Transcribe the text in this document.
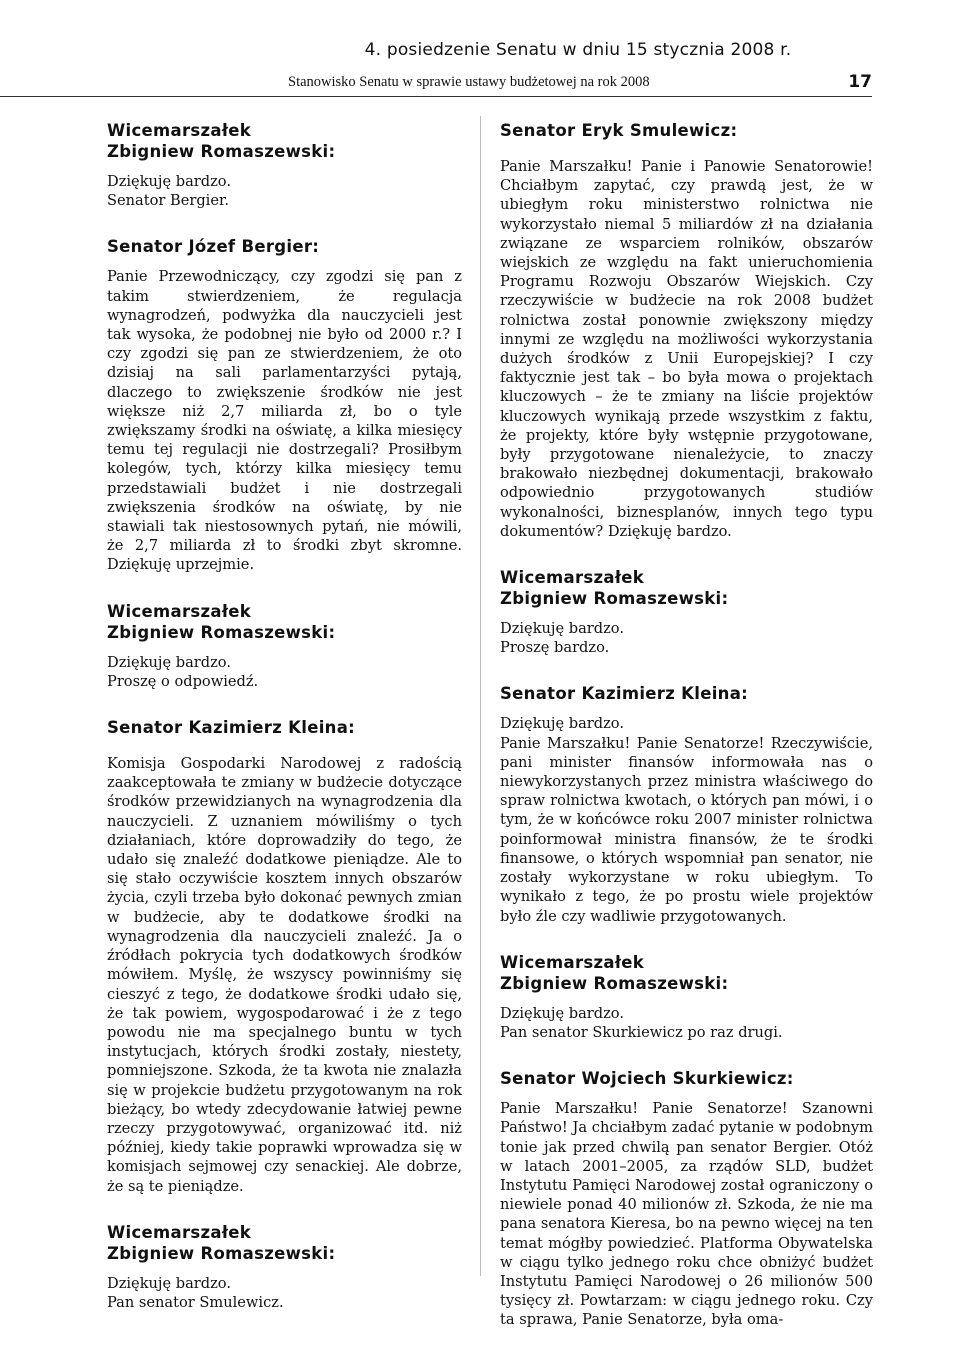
4. posiedzenie Senatu w dniu 15 stycznia 2008 r.
Stanowisko Senatu w sprawie ustawy budżetowej na rok 2008	17
Wicemarszałek
Zbigniew Romaszewski:

Dziękuję bardzo.

Senator Bergier.

Senator Józef Bergier:

Panie Przewodniczący, czy zgodzi się pan z takim stwierdzeniem, że regulacja wynagrodzeń, podwyżka dla nauczycieli jest tak wysoka, że podobnej nie było od 2000 r.? I czy zgodzi się pan ze stwierdzeniem, że oto dzisiaj na sali parlamentarzyści pytają, dlaczego to zwiększenie środków nie jest większe niż 2,7 miliarda zł, bo o tyle zwiększamy środki na oświatę, a kilka miesięcy temu tej regulacji nie dostrzegali? Prosiłbym kolegów, tych, którzy kilka miesięcy temu przedstawiali budżet i nie dostrzegali zwiększenia środków na oświatę, by nie stawiali tak niestosownych pytań, nie mówili, że 2,7 miliarda zł to środki zbyt skromne. Dziękuję uprzejmie.

Wicemarszałek
Zbigniew Romaszewski:

Dziękuję bardzo.

Proszę o odpowiedź.

Senator Kazimierz Kleina:

Komisja Gospodarki Narodowej z radością zaakceptowała te zmiany w budżecie dotyczące środków przewidzianych na wynagrodzenia dla nauczycieli. Z uznaniem mówiliśmy o tych działaniach, które doprowadziły do tego, że udało się znaleźć dodatkowe pieniądze. Ale to się stało oczywiście kosztem innych obszarów życia, czyli trzeba było dokonać pewnych zmian w budżecie, aby te dodatkowe środki na wynagrodzenia dla nauczycieli znaleźć. Ja o źródłach pokrycia tych dodatkowych środków mówiłem. Myślę, że wszyscy powinniśmy się cieszyć z tego, że dodatkowe środki udało się, że tak powiem, wygospodarować i że z tego powodu nie ma specjalnego buntu w tych instytucjach, których środki zostały, niestety, pomniejszone. Szkoda, że ta kwota nie znalazła się w projekcie budżetu przygotowanym na rok bieżący, bo wtedy zdecydowanie łatwiej pewne rzeczy przygotowywać, organizować itd. niż później, kiedy takie poprawki wprowadza się w komisjach sejmowej czy senackiej. Ale dobrze, że są te pieniądze.

Wicemarszałek
Zbigniew Romaszewski:

Dziękuję bardzo.

Pan senator Smulewicz.

Senator Eryk Smulewicz:

Panie Marszałku! Panie i Panowie Senatorowie! Chciałbym zapytać, czy prawdą jest, że w ubiegłym roku ministerstwo rolnictwa nie wykorzystało niemal 5 miliardów zł na działania związane ze wsparciem rolników, obszarów wiejskich ze względu na fakt unieruchomienia Programu Rozwoju Obszarów Wiejskich. Czy rzeczywiście w budżecie na rok 2008 budżet rolnictwa został ponownie zwiększony między innymi ze względu na możliwości wykorzystania dużych środków z Unii Europejskiej? I czy faktycznie jest tak – bo była mowa o projektach kluczowych – że te zmiany na liście projektów kluczowych wynikają przede wszystkim z faktu, że projekty, które były wstępnie przygotowane, były przygotowane nienależycie, to znaczy brakowało niezbędnej dokumentacji, brakowało odpowiednio przygotowanych studiów wykonalności, biznesplanów, innych tego typu dokumentów? Dziękuję bardzo.

Wicemarszałek
Zbigniew Romaszewski:

Dziękuję bardzo.

Proszę bardzo.

Senator Kazimierz Kleina:

Dziękuję bardzo.

Panie Marszałku! Panie Senatorze! Rzeczywiście, pani minister finansów informowała nas o niewykorzystanych przez ministra właściwego do spraw rolnictwa kwotach, o których pan mówi, i o tym, że w końcówce roku 2007 minister rolnictwa poinformował ministra finansów, że te środki finansowe, o których wspomniał pan senator, nie zostały wykorzystane w roku ubiegłym. To wynikało z tego, że po prostu wiele projektów było źle czy wadliwie przygotowanych.

Wicemarszałek
Zbigniew Romaszewski:

Dziękuję bardzo.

Pan senator Skurkiewicz po raz drugi.

Senator Wojciech Skurkiewicz:

Panie Marszałku! Panie Senatorze! Szanowni Państwo! Ja chciałbym zadać pytanie w podobnym tonie jak przed chwilą pan senator Bergier. Otóż w latach 2001–2005, za rządów SLD, budżet Instytutu Pamięci Narodowej został ograniczony o niewiele ponad 40 milionów zł. Szkoda, że nie ma pana senatora Kieresa, bo na pewno więcej na ten temat mógłby powiedzieć. Platforma Obywatelska w ciągu tylko jednego roku chce obniżyć budżet Instytutu Pamięci Narodowej o 26 milionów 500 tysięcy zł. Powtarzam: w ciągu jednego roku. Czy ta sprawa, Panie Senatorze, była oma-
